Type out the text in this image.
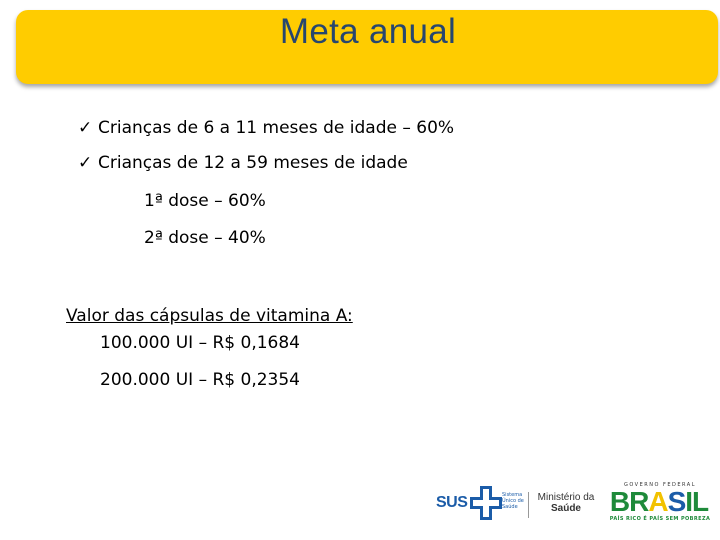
Meta anual
✓ Crianças de 6 a 11 meses de idade – 60%
✓ Crianças de 12 a 59 meses de idade
1ª dose – 60%
2ª dose – 40%
Valor das cápsulas de vitamina A:
100.000 UI – R$ 0,1684
200.000 UI – R$ 0,2354
SUS	Sistema Único de Saúde
Ministério da
Saúde
GOVERNO FEDERAL
BRASIL
PAÍS RICO É PAÍS SEM POBREZA
